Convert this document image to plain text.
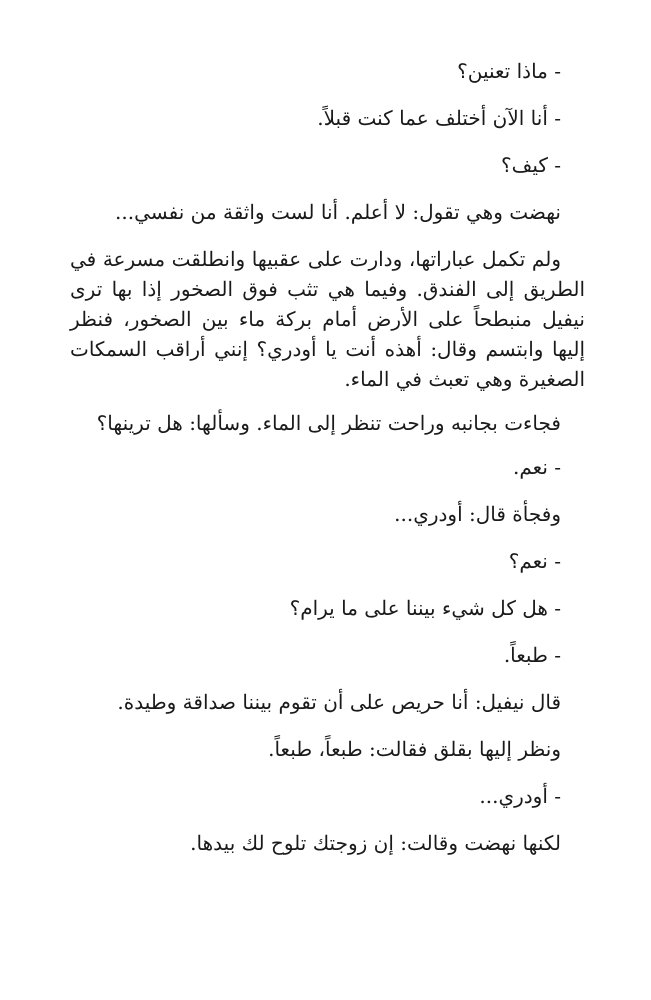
- ماذا تعنين؟

- أنا الآن أختلف عما كنت قبلاً.

- كيف؟

نهضت وهي تقول: لا أعلم. أنا لست واثقة من نفسي...

ولم تكمل عباراتها، ودارت على عقبيها وانطلقت مسرعة في الطريق إلى الفندق. وفيما هي تثب فوق الصخور إذا بها ترى نيفيل منبطحاً على الأرض أمام بركة ماء بين الصخور، فنظر إليها وابتسم وقال: أهذه أنت يا أودري؟ إنني أراقب السمكات الصغيرة وهي تعبث في الماء.

فجاءت بجانبه وراحت تنظر إلى الماء. وسألها: هل ترينها؟

- نعم.

وفجأة قال: أودري...

- نعم؟

- هل كل شيء بيننا على ما يرام؟

- طبعاً.

قال نيفيل: أنا حريص على أن تقوم بيننا صداقة وطيدة.

ونظر إليها بقلق فقالت: طبعاً، طبعاً.

- أودري...

لكنها نهضت وقالت: إن زوجتك تلوح لك بيدها.
